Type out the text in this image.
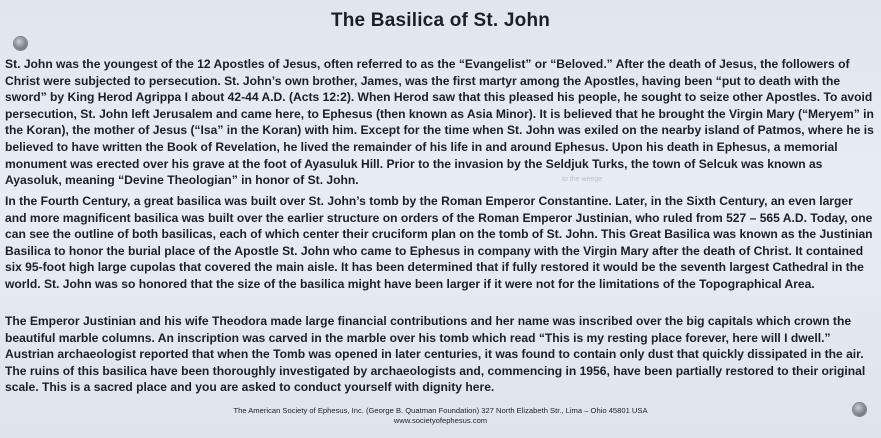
The Basilica of St. John
St. John was the youngest of the 12 Apostles of Jesus, often referred to as the “Evangelist” or “Beloved.” After the death of Jesus, the followers of Christ were subjected to persecution. St. John’s own brother, James, was the first martyr among the Apostles, having been “put to death with the sword” by King Herod Agrippa I about 42-44 A.D. (Acts 12:2). When Herod saw that this pleased his people, he sought to seize other Apostles. To avoid persecution, St. John left Jerusalem and came here, to Ephesus (then known as Asia Minor). It is believed that he brought the Virgin Mary (“Meryem” in the Koran), the mother of Jesus (“Isa” in the Koran) with him. Except for the time when St. John was exiled on the nearby island of Patmos, where he is believed to have written the Book of Revelation, he lived the remainder of his life in and around Ephesus. Upon his death in Ephesus, a memorial monument was erected over his grave at the foot of Ayasuluk Hill. Prior to the invasion by the Seldjuk Turks, the town of Selcuk was known as Ayasoluk, meaning “Devine Theologian” in honor of St. John.	to the weege
In the Fourth Century, a great basilica was built over St. John’s tomb by the Roman Emperor Constantine. Later, in the Sixth Century, an even larger and more magnificent basilica was built over the earlier structure on orders of the Roman Emperor Justinian, who ruled from 527 – 565 A.D. Today, one can see the outline of both basilicas, each of which center their cruciform plan on the tomb of St. John. This Great Basilica was known as the Justinian Basilica to honor the burial place of the Apostle St. John who came to Ephesus in company with the Virgin Mary after the death of Christ. It contained six 95-foot high large cupolas that covered the main aisle. It has been determined that if fully restored it would be the seventh largest Cathedral in the world. St. John was so honored that the size of the basilica might have been larger if it were not for the limitations of the Topographical Area.
The Emperor Justinian and his wife Theodora made large financial contributions and her name was inscribed over the big capitals which crown the beautiful marble columns. An inscription was carved in the marble over his tomb which read “This is my resting place forever, here will I dwell.” Austrian archaeologist reported that when the Tomb was opened in later centuries, it was found to contain only dust that quickly dissipated in the air. The ruins of this basilica have been thoroughly investigated by archaeologists and, commencing in 1956, have been partially restored to their original scale. This is a sacred place and you are asked to conduct yourself with dignity here.
The American Society of Ephesus, Inc. (George B. Quatman Foundation) 327 North Elizabeth Str., Lima – Ohio 45801 USA
www.societyofephesus.com
